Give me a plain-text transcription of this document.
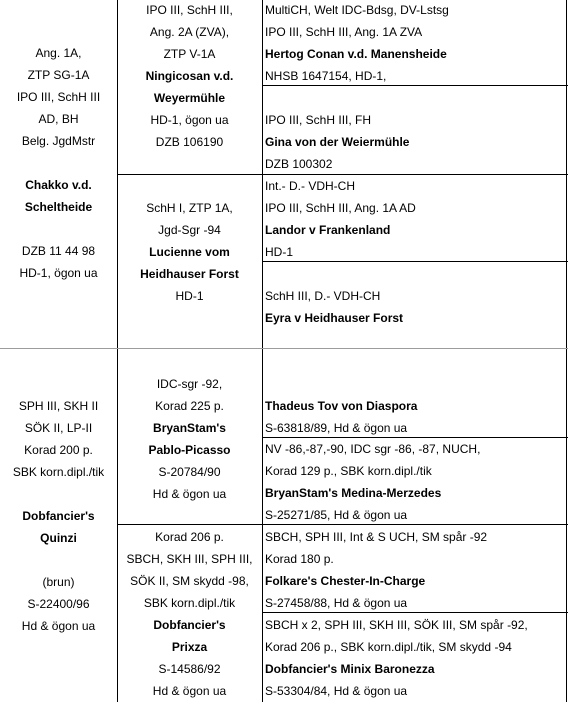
Ang. 1A,
ZTP SG-1A
IPO III, SchH III
AD, BH
Belg. JgdMstr
Chakko v.d.
Scheltheide
DZB 11 44 98
HD-1, ögon ua
SPH III, SKH II
SÖK II, LP-II
Korad 200 p.
SBK korn.dipl./tik
Dobfancier's
Quinzi
(brun)
S-22400/96
Hd & ögon ua
IPO III, SchH III,
Ang. 2A (ZVA),
ZTP V-1A
Ningicosan v.d.
Weyermühle
HD-1, ögon ua
DZB 106190
SchH I, ZTP 1A,
Jgd-Sgr -94
Lucienne vom
Heidhauser Forst
HD-1
IDC-sgr -92,
Korad 225 p.
BryanStam's
Pablo-Picasso
S-20784/90
Hd & ögon ua
Korad 206 p.
SBCH, SKH III, SPH III,
SÖK II, SM skydd -98,
SBK korn.dipl./tik
Dobfancier's
Prixza
S-14586/92
Hd & ögon ua
MultiCH, Welt IDC-Bdsg, DV-Lstsg
IPO III, SchH III, Ang. 1A ZVA
Hertog Conan v.d. Manensheide
NHSB 1647154, HD-1,
IPO III, SchH III, FH
Gina von der Weiermühle
DZB 100302
Int.- D.- VDH-CH
IPO III, SchH III, Ang. 1A AD
Landor v Frankenland
HD-1
SchH III, D.- VDH-CH
Eyra v Heidhauser Forst
Thadeus Tov von Diaspora
S-63818/89, Hd & ögon ua
NV -86,-87,-90, IDC sgr -86, -87, NUCH,
Korad 129 p., SBK korn.dipl./tik
BryanStam's Medina-Merzedes
S-25271/85, Hd & ögon ua
SBCH, SPH III, Int & S UCH, SM spår -92
Korad 180 p.
Folkare's Chester-In-Charge
S-27458/88, Hd & ögon ua
SBCH x 2, SPH III, SKH III, SÖK III, SM spår -92,
Korad 206 p., SBK korn.dipl./tik, SM skydd -94
Dobfancier's Minix Baronezza
S-53304/84, Hd & ögon ua
